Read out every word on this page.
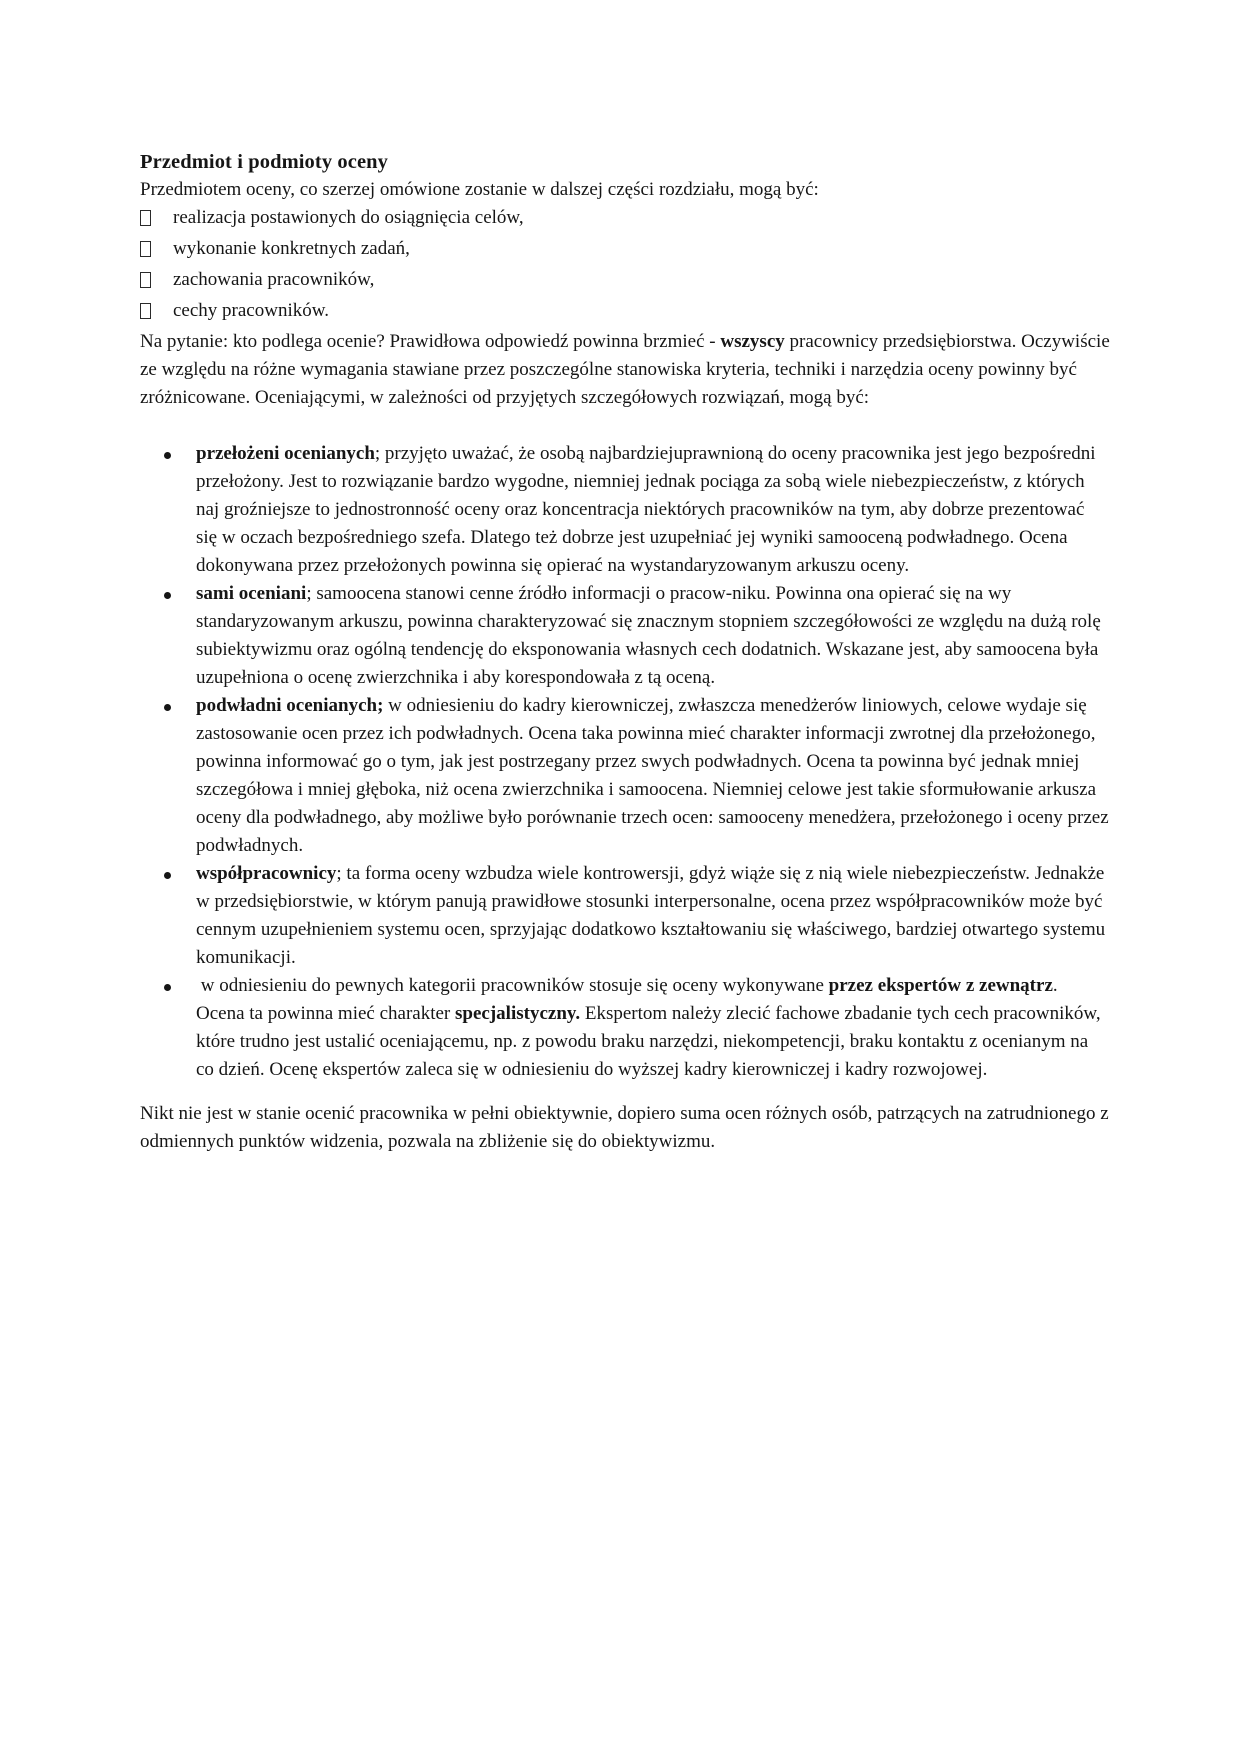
Przedmiot i podmioty oceny

Przedmiotem oceny, co szerzej omówione zostanie w dalszej części rozdziału, mogą być:

realizacja postawionych do osiągnięcia celów,
wykonanie konkretnych zadań,
zachowania pracowników,
cechy pracowników.

Na pytanie: kto podlega ocenie? Prawidłowa odpowiedź powinna brzmieć - wszyscy pracownicy przedsiębiorstwa. Oczywiście ze względu na różne wymagania stawiane przez poszczególne stanowiska kryteria, techniki i narzędzia oceny powinny być zróżnicowane. Oceniającymi, w zależności od przyjętych szczegółowych rozwiązań, mogą być:

przełożeni ocenianych; przyjęto uważać, że osobą najbardziejuprawnioną do oceny pracownika jest jego bezpośredni przełożony. Jest to rozwiązanie bardzo wygodne, niemniej jednak pociąga za sobą wiele niebezpieczeństw, z których naj groźniejsze to jednostronność oceny oraz koncentracja niektórych pracowników na tym, aby dobrze prezentować się w oczach bezpośredniego szefa. Dlatego też dobrze jest uzupełniać jej wyniki samooceną podwładnego. Ocena dokonywana przez przełożonych powinna się opierać na wystandaryzowanym arkuszu oceny.
sami oceniani; samoocena stanowi cenne źródło informacji o pracow-niku. Powinna ona opierać się na wy standaryzowanym arkuszu, powinna charakteryzować się znacznym stopniem szczegółowości ze względu na dużą rolę subiektywizmu oraz ogólną tendencję do eksponowania własnych cech dodatnich. Wskazane jest, aby samoocena była uzupełniona o ocenę zwierzchnika i aby korespondowała z tą oceną.
podwładni ocenianych; w odniesieniu do kadry kierowniczej, zwłaszcza menedżerów liniowych, celowe wydaje się zastosowanie ocen przez ich podwładnych. Ocena taka powinna mieć charakter informacji zwrotnej dla przełożonego, powinna informować go o tym, jak jest postrzegany przez swych podwładnych. Ocena ta powinna być jednak mniej szczegółowa i mniej głęboka, niż ocena zwierzchnika i samoocena. Niemniej celowe jest takie sformułowanie arkusza oceny dla podwładnego, aby możliwe było porównanie trzech ocen: samooceny menedżera, przełożonego i oceny przez podwładnych.
współpracownicy; ta forma oceny wzbudza wiele kontrowersji, gdyż wiąże się z nią wiele niebezpieczeństw. Jednakże w przedsiębiorstwie, w którym panują prawidłowe stosunki interpersonalne, ocena przez współpracowników może być cennym uzupełnieniem systemu ocen, sprzyjając dodatkowo kształtowaniu się właściwego, bardziej otwartego systemu komunikacji.
w odniesieniu do pewnych kategorii pracowników stosuje się oceny wykonywane przez ekspertów z zewnątrz. Ocena ta powinna mieć charakter specjalistyczny. Ekspertom należy zlecić fachowe zbadanie tych cech pracowników, które trudno jest ustalić oceniającemu, np. z powodu braku narzędzi, niekompetencji, braku kontaktu z ocenianym na co dzień. Ocenę ekspertów zaleca się w odniesieniu do wyższej kadry kierowniczej i kadry rozwojowej.

Nikt nie jest w stanie ocenić pracownika w pełni obiektywnie, dopiero suma ocen różnych osób, patrzących na zatrudnionego z odmiennych punktów widzenia, pozwala na zbliżenie się do obiektywizmu.
